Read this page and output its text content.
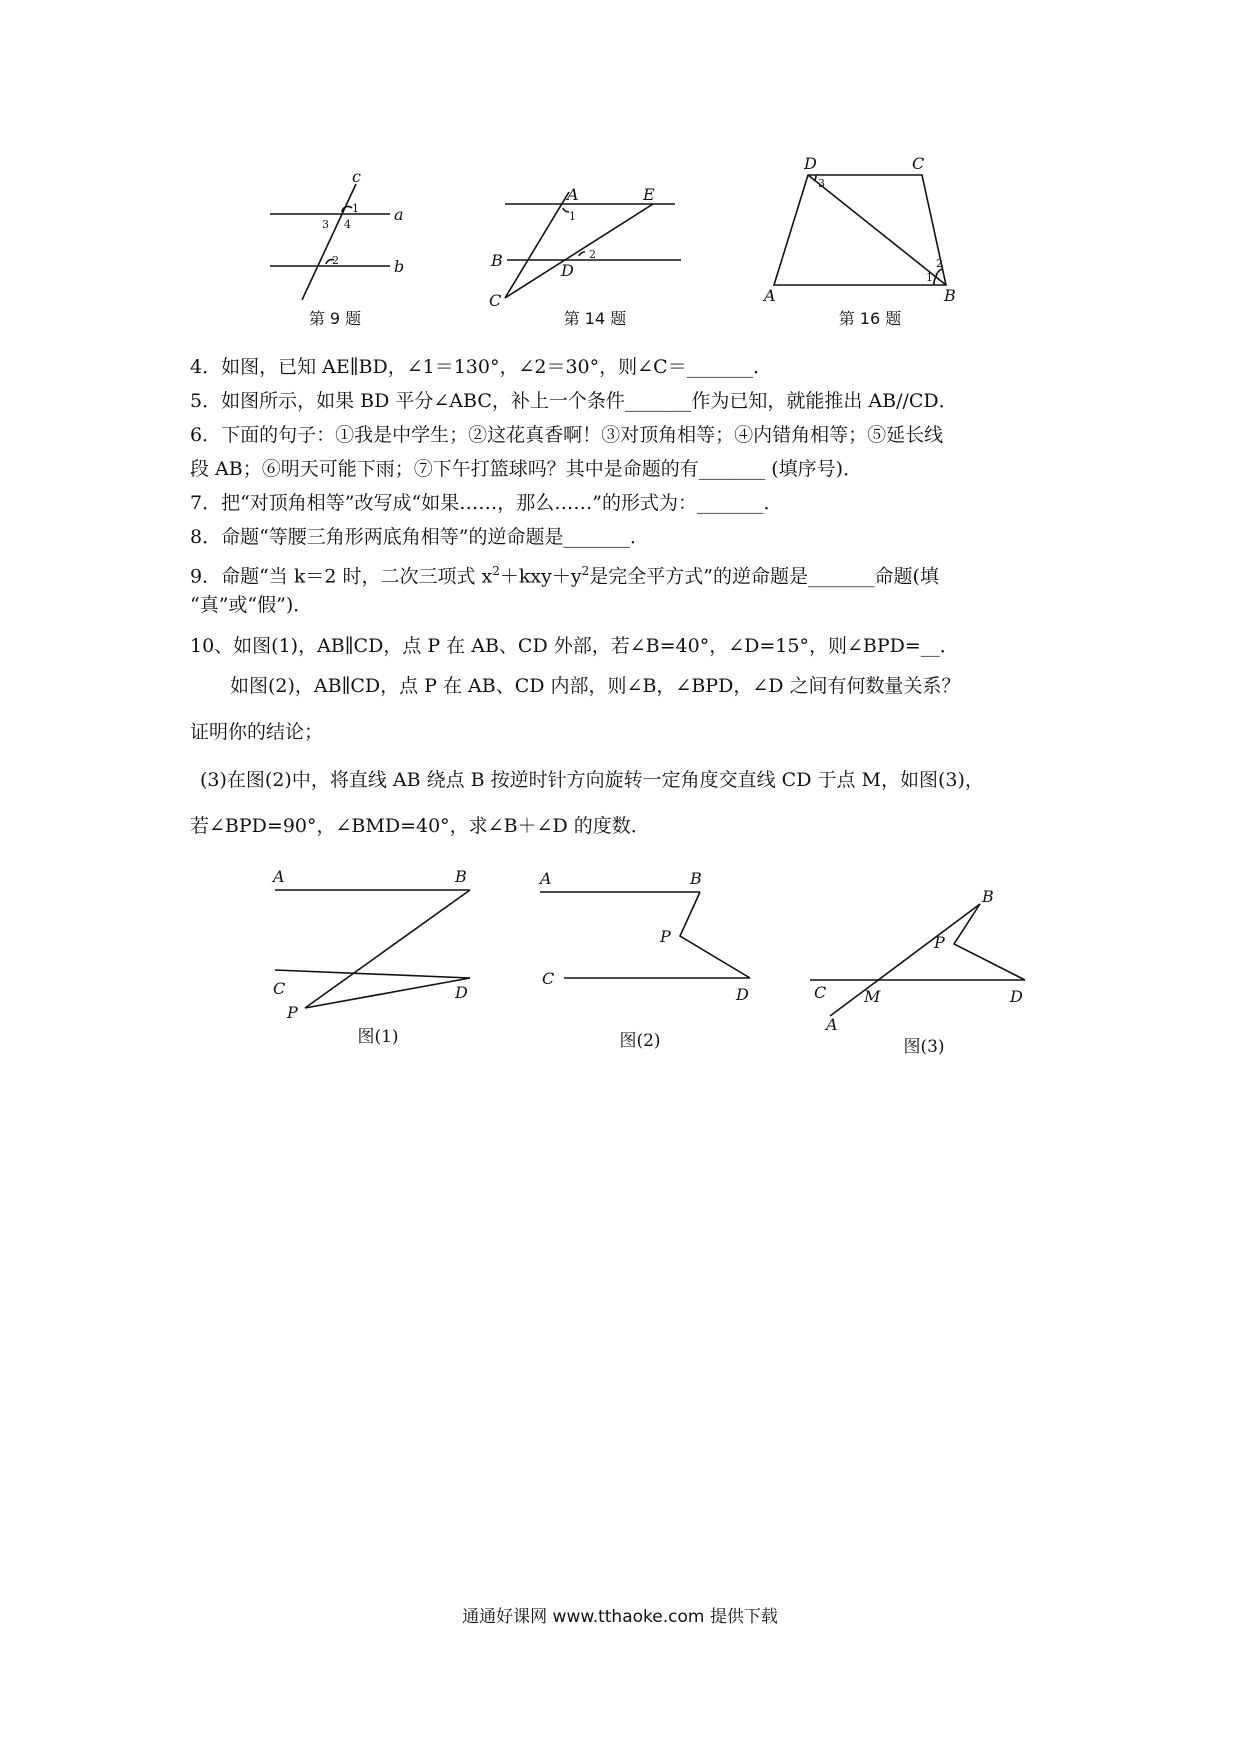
c
a
b
1
3 4
2
第 9 题
A	E
B
D
C
1
2
第 14 题
D	C
A	B
3
2
1
第 16 题
4．如图，已知 AE∥BD，∠1＝130°，∠2＝30°，则∠C＝_______．
5．如图所示，如果 BD 平分∠ABC，补上一个条件_______作为已知，就能推出 AB//CD．
6．下面的句子：①我是中学生；②这花真香啊！③对顶角相等；④内错角相等；⑤延长线
段 AB；⑥明天可能下雨；⑦下午打篮球吗？其中是命题的有_______ (填序号)．
7．把“对顶角相等”改写成“如果……，那么……”的形式为：_______．
8．命题“等腰三角形两底角相等”的逆命题是_______．
9．命题“当 k＝2 时，二次三项式 $x^2+kxy+y^2$是完全平方式”的逆命题是_______命题(填
“真”或“假”)．
10、如图(1)，AB∥CD，点 P 在 AB、CD 外部，若∠B=40°，∠D=15°，则∠BPD=__．
如图(2)，AB∥CD，点 P 在 AB、CD 内部，则∠B，∠BPD，∠D 之间有何数量关系？
证明你的结论；
(3)在图(2)中，将直线 AB 绕点 B 按逆时针方向旋转一定角度交直线 CD 于点 M，如图(3)，
若∠BPD=90°，∠BMD=40°，求∠B＋∠D 的度数．
A	B
C	D
P
图(1)
A	B
P
C
D
图(2)
B
P
C M	D
A
图(3)
通通好课网 www.tthaoke.com 提供下载
